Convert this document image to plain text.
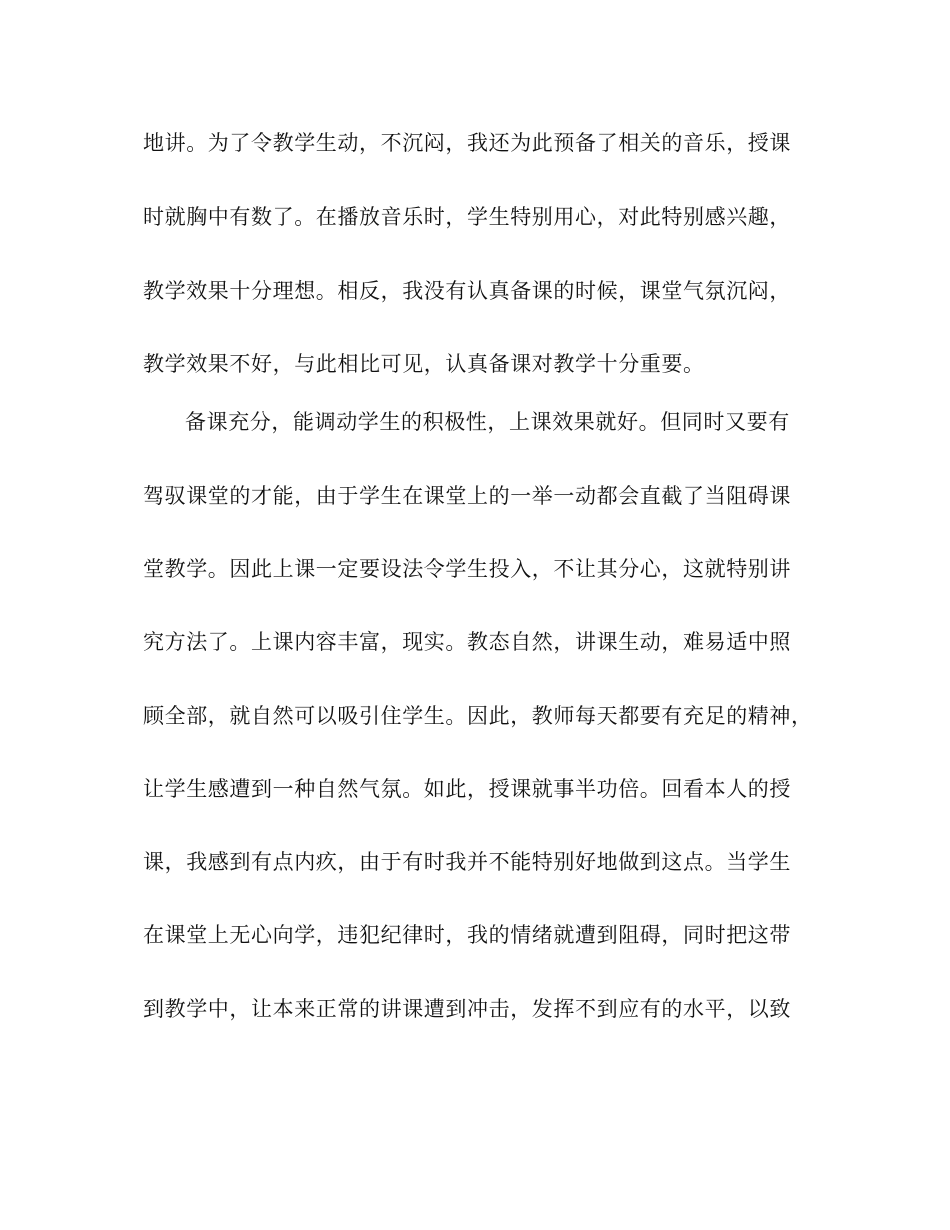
地讲。为了令教学生动，不沉闷，我还为此预备了相关的音乐，授课

时就胸中有数了。在播放音乐时，学生特别用心，对此特别感兴趣，

教学效果十分理想。相反，我没有认真备课的时候，课堂气氛沉闷，

教学效果不好，与此相比可见，认真备课对教学十分重要。

备课充分，能调动学生的积极性，上课效果就好。但同时又要有

驾驭课堂的才能，由于学生在课堂上的一举一动都会直截了当阻碍课

堂教学。因此上课一定要设法令学生投入，不让其分心，这就特别讲

究方法了。上课内容丰富，现实。教态自然，讲课生动，难易适中照

顾全部，就自然可以吸引住学生。因此，教师每天都要有充足的精神，

让学生感遭到一种自然气氛。如此，授课就事半功倍。回看本人的授

课，我感到有点内疚，由于有时我并不能特别好地做到这点。当学生

在课堂上无心向学，违犯纪律时，我的情绪就遭到阻碍，同时把这带

到教学中，让本来正常的讲课遭到冲击，发挥不到应有的水平，以致
